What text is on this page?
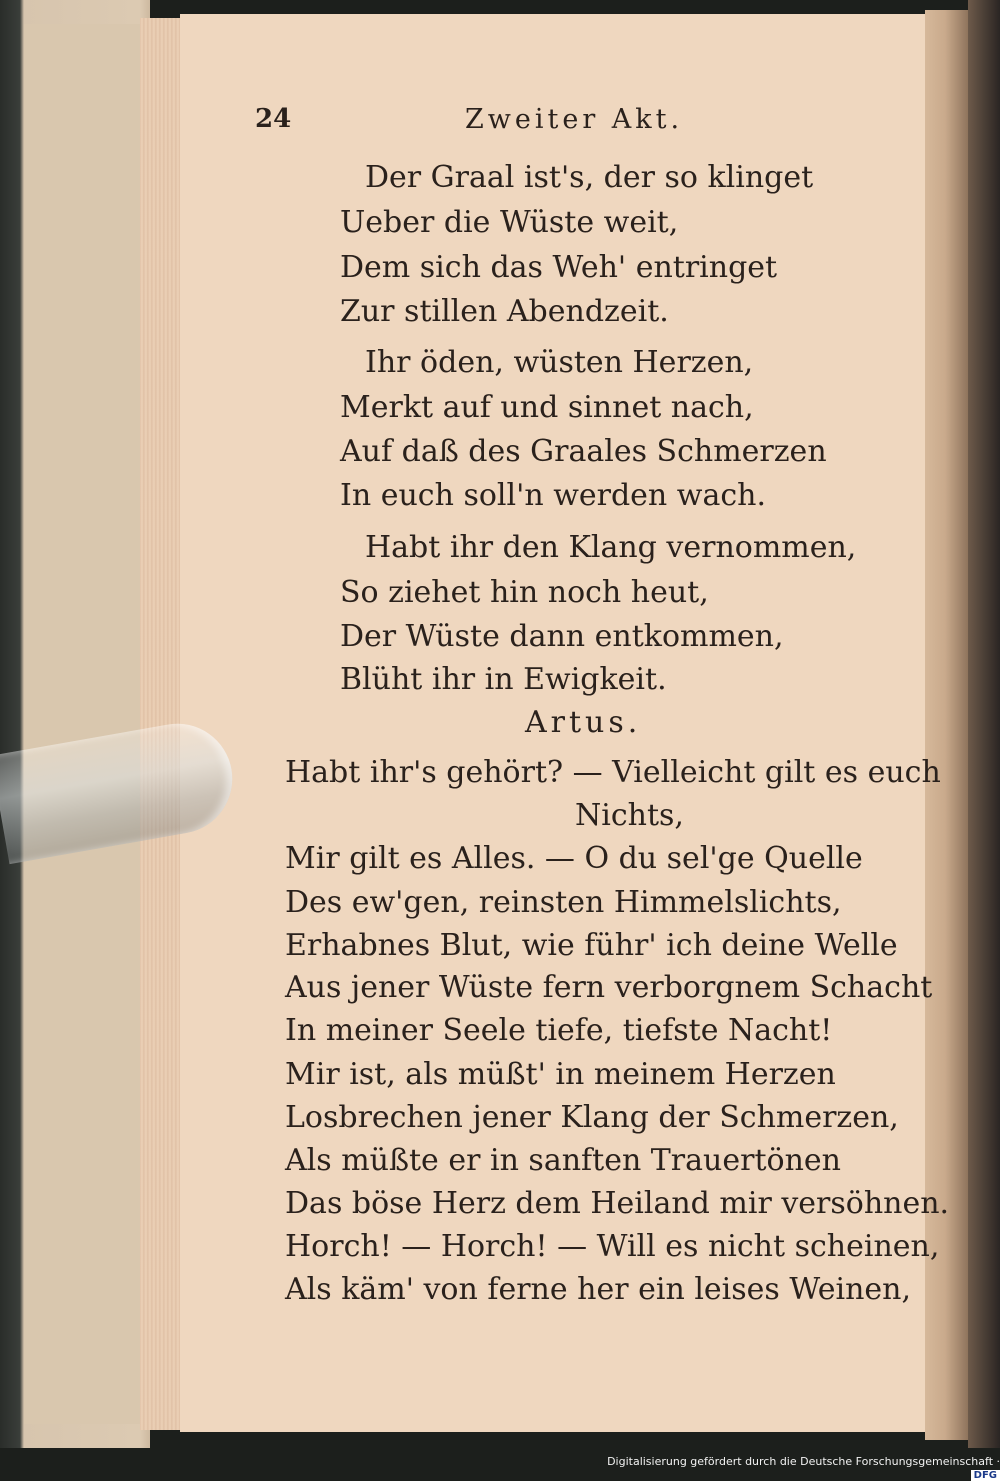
24	Zweiter Akt.
Der Graal ist's, der so klinget
Ueber die Wüste weit,
Dem sich das Weh' entringet
Zur stillen Abendzeit.
Ihr öden, wüsten Herzen,
Merkt auf und sinnet nach,
Auf daß des Graales Schmerzen
In euch soll'n werden wach.
Habt ihr den Klang vernommen,
So ziehet hin noch heut,
Der Wüste dann entkommen,
Blüht ihr in Ewigkeit.
Artus.
Habt ihr's gehört? — Vielleicht gilt es euch
Nichts,
Mir gilt es Alles. — O du sel'ge Quelle
Des ew'gen, reinsten Himmelslichts,
Erhabnes Blut, wie führ' ich deine Welle
Aus jener Wüste fern verborgnem Schacht
In meiner Seele tiefe, tiefste Nacht!
Mir ist, als müßt' in meinem Herzen
Losbrechen jener Klang der Schmerzen,
Als müßte er in sanften Trauertönen
Das böse Herz dem Heiland mir versöhnen.
Horch! — Horch! — Will es nicht scheinen,
Als käm' von ferne her ein leises Weinen,
Digitalisierung gefördert durch die Deutsche Forschungsgemeinschaft ·DFG
